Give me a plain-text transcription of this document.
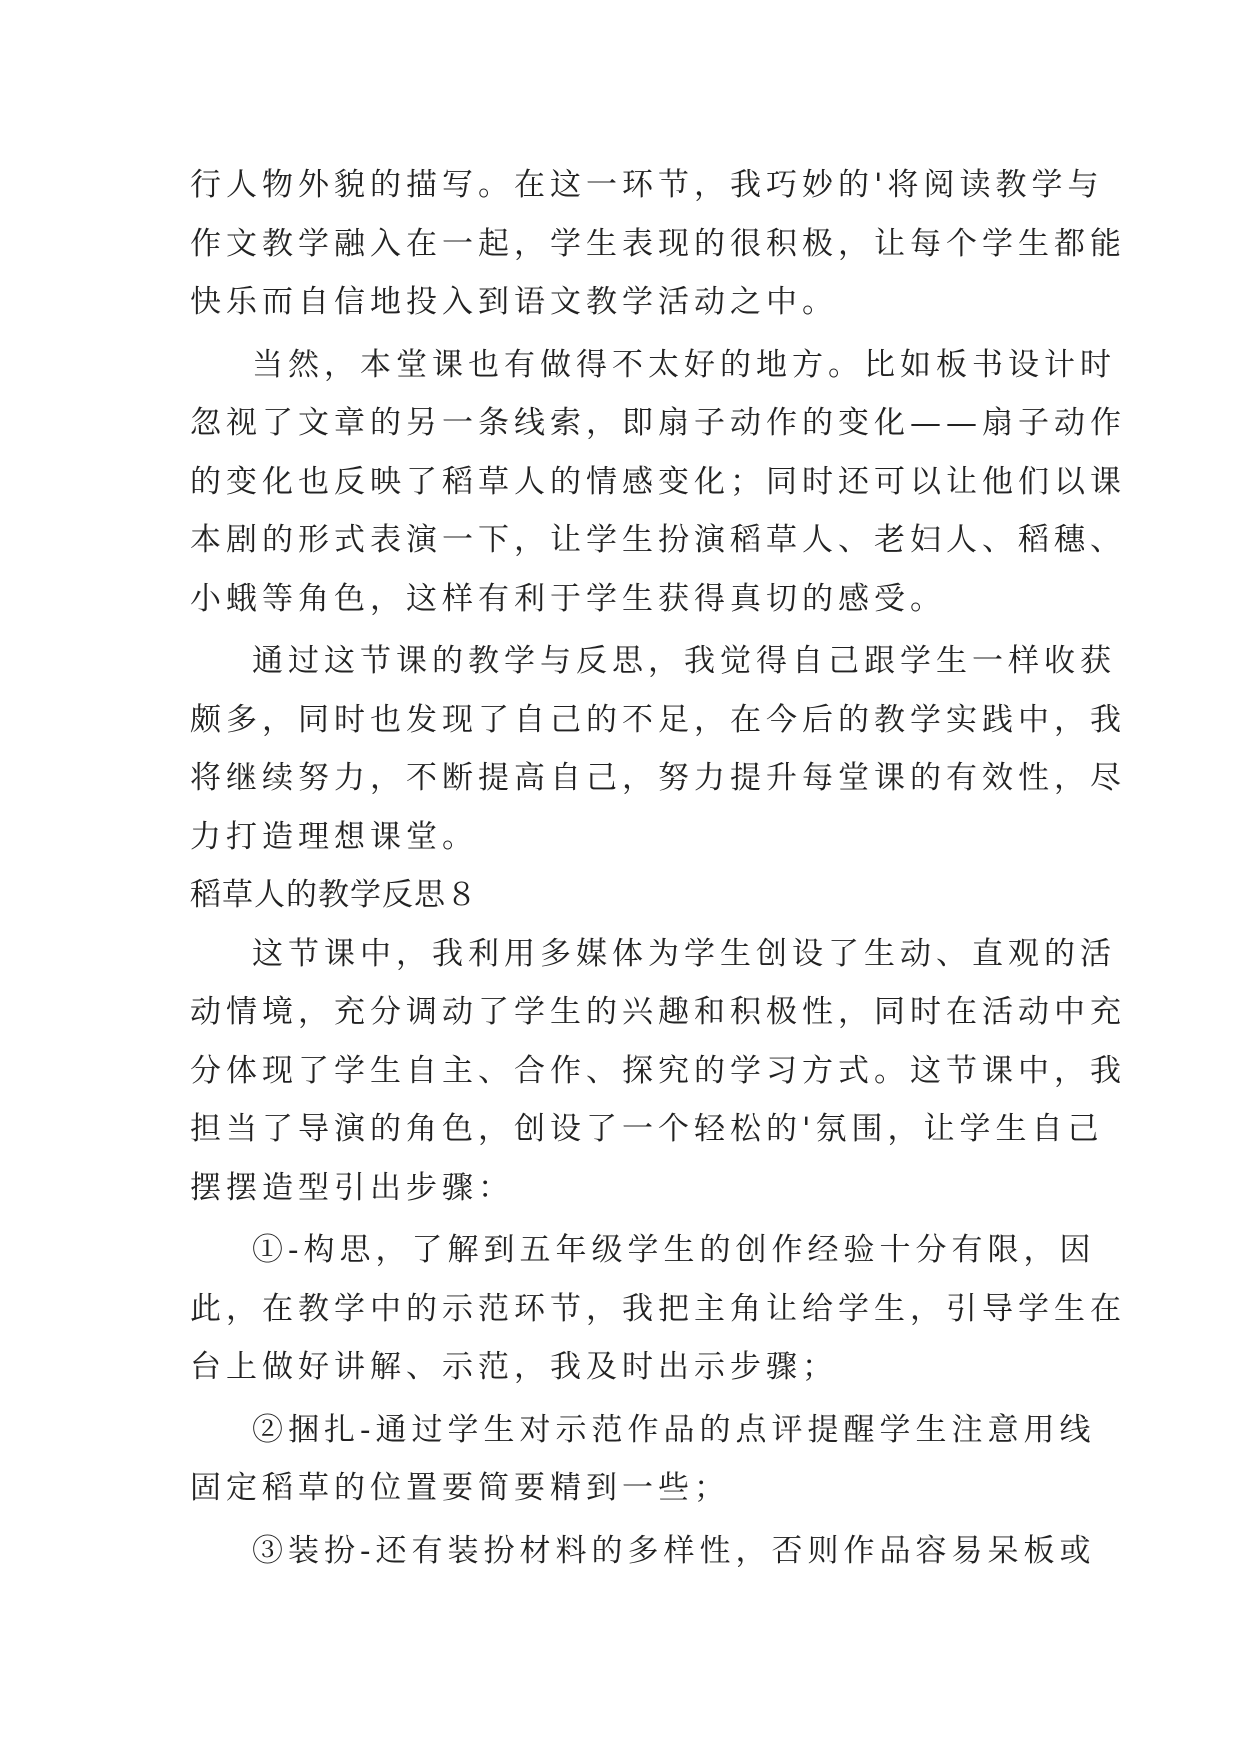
行人物外貌的描写。在这一环节，我巧妙的'将阅读教学与
作文教学融入在一起，学生表现的很积极，让每个学生都能
快乐而自信地投入到语文教学活动之中。
当然，本堂课也有做得不太好的地方。比如板书设计时
忽视了文章的另一条线索，即扇子动作的变化——扇子动作
的变化也反映了稻草人的情感变化；同时还可以让他们以课
本剧的形式表演一下，让学生扮演稻草人、老妇人、稻穗、
小蛾等角色，这样有利于学生获得真切的感受。
通过这节课的教学与反思，我觉得自己跟学生一样收获
颇多，同时也发现了自己的不足，在今后的教学实践中，我
将继续努力，不断提高自己，努力提升每堂课的有效性，尽
力打造理想课堂。
稻草人的教学反思８
这节课中，我利用多媒体为学生创设了生动、直观的活
动情境，充分调动了学生的兴趣和积极性，同时在活动中充
分体现了学生自主、合作、探究的学习方式。这节课中，我
担当了导演的角色，创设了一个轻松的'氛围，让学生自己
摆摆造型引出步骤：
①-构思，了解到五年级学生的创作经验十分有限，因
此，在教学中的示范环节，我把主角让给学生，引导学生在
台上做好讲解、示范，我及时出示步骤；
②捆扎-通过学生对示范作品的点评提醒学生注意用线
固定稻草的位置要简要精到一些；
③装扮-还有装扮材料的多样性，否则作品容易呆板或
